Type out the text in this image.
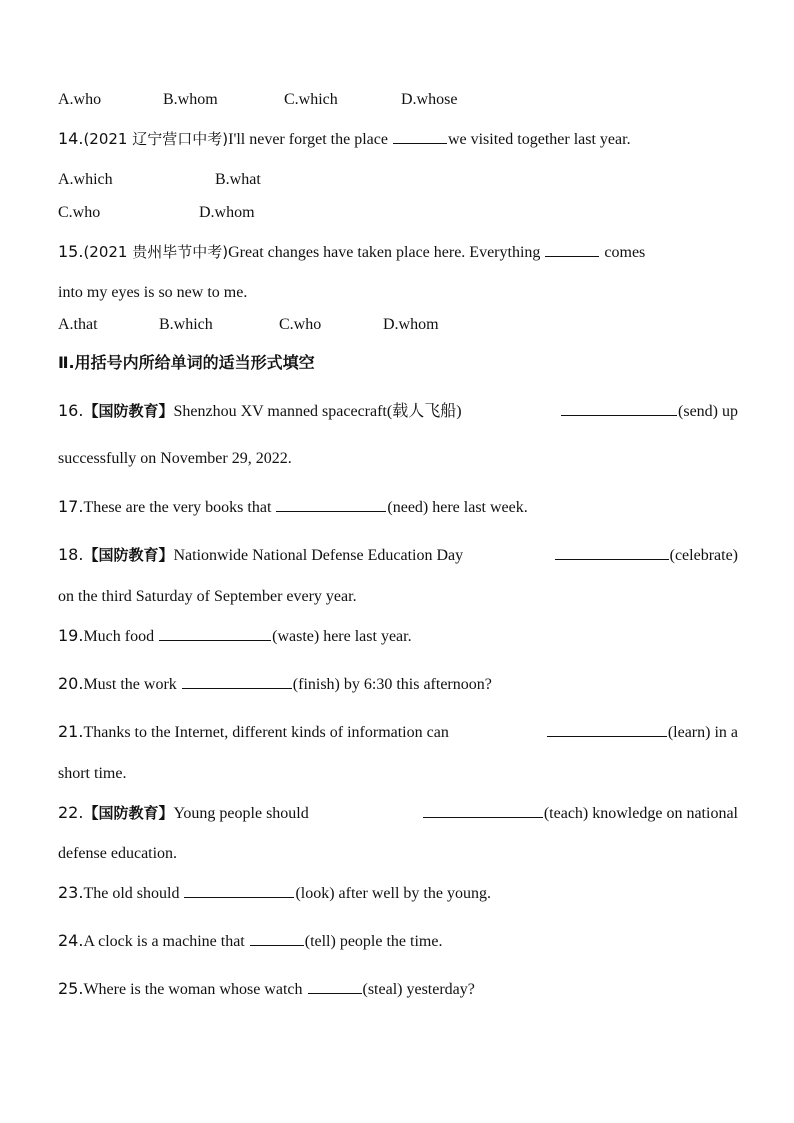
A.who	B.whom	C.which	D.whose
14.(2021 辽宁营口中考)I'll never forget the place	we visited together last year.
A.which	B.what
C.who	D.whom
15.(2021 贵州毕节中考)Great changes have taken place here. Everything	comes
into my eyes is so new to me.
A.that	B.which	C.who	D.whom
Ⅱ.用括号内所给单词的适当形式填空
16.【国防教育】Shenzhou XV manned spacecraft(载人飞船)	(send) up
successfully on November 29, 2022.
17.These are the very books that	(need) here last week.
18.【国防教育】Nationwide National Defense Education Day	(celebrate)
on the third Saturday of September every year.
19.Much food	(waste) here last year.
20.Must the work	(finish) by 6:30 this afternoon?
21.Thanks to the Internet, different kinds of information can	(learn) in a
short time.
22.【国防教育】Young people should	(teach) knowledge on national
defense education.
23.The old should	(look) after well by the young.
24.A clock is a machine that	(tell) people the time.
25.Where is the woman whose watch	(steal) yesterday?
